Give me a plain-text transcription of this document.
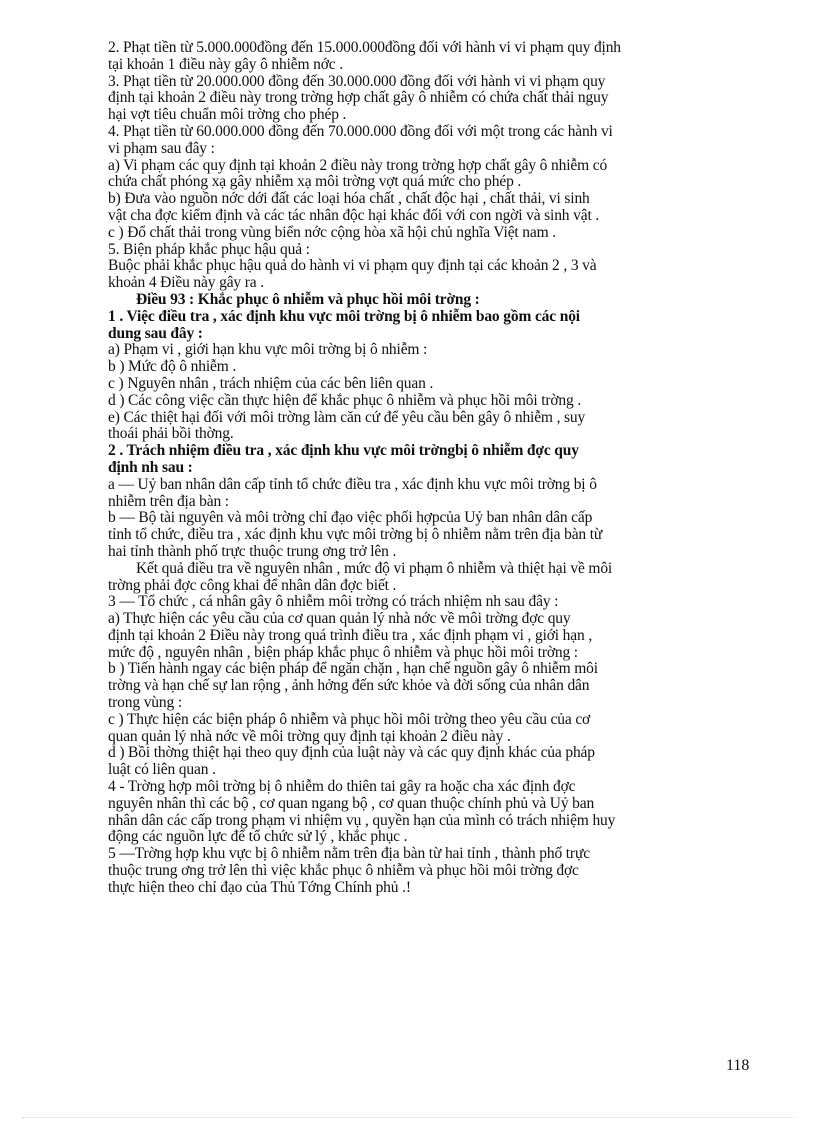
2. Phạt tiền từ 5.000.000đồng đến 15.000.000đồng đối với hành vi vi phạm quy định
tại khoản 1 điều này gây ô nhiễm nớc .
3. Phạt tiền từ 20.000.000 đồng đến 30.000.000 đồng đối với hành vi vi phạm quy
định tại khoản 2 điều này trong trờng hợp chất gây ô nhiễm có chứa chất thải nguy
hại vợt tiêu chuẩn môi trờng cho phép .
4. Phạt tiền từ 60.000.000 đồng đến 70.000.000 đồng đối với một trong các hành vi
vi phạm sau đây :
a) Vi phạm các quy định tại khoản 2 điều này trong trờng hợp chất gây ô nhiễm có
chứa chất phóng xạ gây nhiễm xạ môi trờng vợt quá mức cho phép .
b) Đưa vào nguồn nớc dới đất các loại hóa chất , chất độc hại , chất thải, vi sinh
vật cha đợc kiểm định và các tác nhân độc hại khác đối với con ngời và sinh vật .
c ) Đổ chất thải trong vùng biển nớc cộng hòa xã hội chủ nghĩa Việt nam .
5. Biện pháp khắc phục hậu quả :
Buộc phải khắc phục hậu quả do hành vi vi phạm quy định tại các khoản 2 , 3 và
khoản 4 Điều này gây ra .
Điều 93 : Khắc phục ô nhiễm và phục hồi môi trờng :
1 . Việc điều tra , xác định khu vực môi trờng bị ô nhiễm bao gồm các nội
dung sau đây :
a) Phạm vi , giới hạn khu vực môi trờng bị ô nhiễm :
b ) Mức độ ô nhiễm .
c ) Nguyên nhân , trách nhiệm của các bên liên quan .
d ) Các công việc cần thực hiện để khắc phục ô nhiễm và phục hồi môi trờng .
e) Các thiệt hại đối với môi trờng làm căn cứ để yêu cầu bên gây ô nhiễm , suy
thoái phải bồi thờng.
2 . Trách nhiệm điều tra , xác định khu vực môi trờngbị ô nhiễm đợc quy
định nh sau :
a — Uỷ ban nhân dân cấp tỉnh tổ chức điều tra , xác định khu vực môi trờng bị ô
nhiễm trên địa bàn :
b — Bộ tài nguyên và môi trờng chỉ đạo việc phối hợpcủa Uỷ ban nhân dân cấp
tỉnh tổ chức, điều tra , xác định khu vực môi trờng bị ô nhiễm nằm trên địa bàn từ
hai tỉnh thành phố trực thuộc trung ơng trở lên .
Kết quả điều tra về nguyên nhân , mức độ vi phạm ô nhiễm và thiệt hại về môi
trờng phải đợc công khai để nhân dân đợc biết .
3 — Tổ chức , cá nhân gây ô nhiễm môi trờng có trách nhiệm nh sau đây :
a) Thực hiện các yêu cầu của cơ quan quản lý nhà nớc về môi trờng đợc quy
định tại khoản 2 Điều này trong quá trình điều tra , xác định phạm vi , giới hạn ,
mức độ , nguyên nhân , biện pháp khắc phục ô nhiễm và phục hồi môi trờng :
b ) Tiến hành ngay các biện pháp để ngăn chặn , hạn chế nguồn gây ô nhiễm môi
trờng và hạn chế sự lan rộng , ảnh hởng đến sức khỏe và đời sống của nhân dân
trong vùng :
c ) Thực hiện các biện pháp ô nhiễm và phục hồi môi trờng theo yêu cầu của cơ
quan quản lý nhà nớc về môi trờng quy định tại khoản 2 điều này .
d ) Bồi thờng thiệt hại theo quy định của luật này và các quy định khác của pháp
luật có liên quan .
4 - Trờng hợp môi trờng bị ô nhiễm do thiên tai gây ra hoặc cha xác định đợc
nguyên nhân thì các bộ , cơ quan ngang bộ , cơ quan thuộc chính phủ và Uỷ ban
nhân dân các cấp trong phạm vi nhiệm vụ , quyền hạn của mình có trách nhiệm huy
động các nguồn lực để tổ chức sử lý , khắc phục .
5 —Trờng hợp khu vực bị ô nhiễm nằm trên địa bàn từ hai tỉnh , thành phố trực
thuộc trung ơng trở lên thì việc khắc phục ô nhiễm và phục hồi môi trờng đợc
thực hiện theo chỉ đạo của Thủ Tớng Chính phủ .!
118
